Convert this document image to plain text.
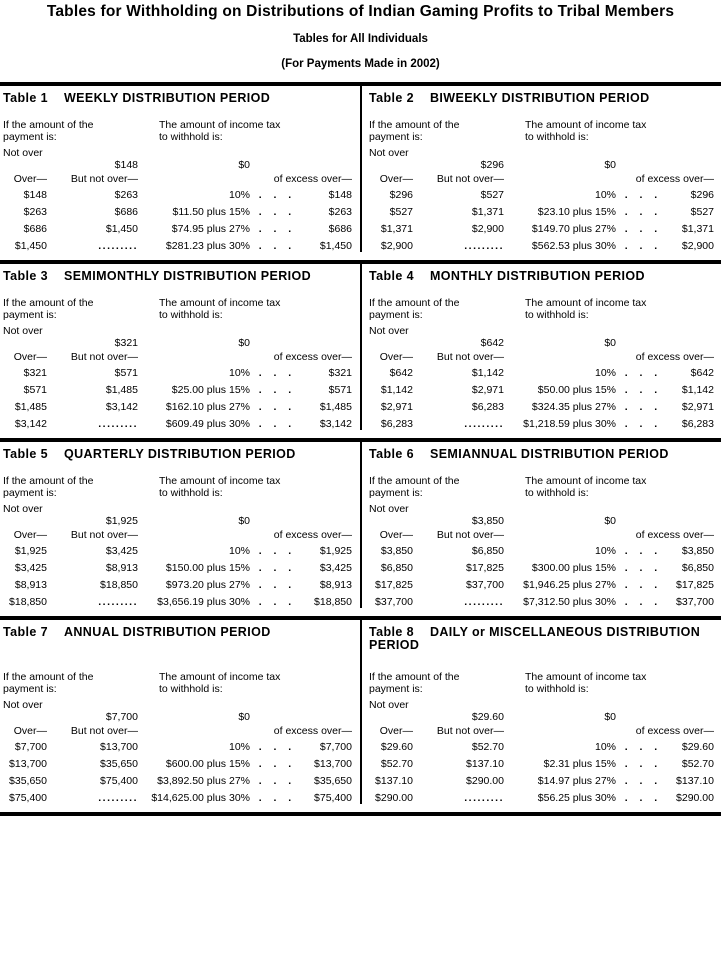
Tables for Withholding on Distributions of Indian Gaming Profits to Tribal Members
Tables for All Individuals
(For Payments Made in 2002)
Table 1 WEEKLY DISTRIBUTION PERIOD
If the amount of the
payment is:
The amount of income tax
to withhold is:
Not over
$148	$0
Over— But not over—	of excess over—
$148	$263	10% .  .  .	$148
$263	$686	$11.50 plus 15% .  .  .	$263
$686	$1,450	$74.95 plus 27% .  .  .	$686
$1,450	.........	$281.23 plus 30% .  .  .	$1,450
Table 2 BIWEEKLY DISTRIBUTION PERIOD
If the amount of the
payment is:
The amount of income tax
to withhold is:
Not over
$296	$0
Over— But not over—	of excess over—
$296	$527	10% .  .  .	$296
$527	$1,371	$23.10 plus 15% .  .  .	$527
$1,371	$2,900	$149.70 plus 27% .  .  . $1,371
$2,900	.........	$562.53 plus 30% .  .  . $2,900
Table 3 SEMIMONTHLY DISTRIBUTION PERIOD
If the amount of the
payment is:
The amount of income tax
to withhold is:
Not over
$321	$0
Over— But not over—	of excess over—
$321	$571	10% .  .  .	$321
$571	$1,485	$25.00 plus 15% .  .  .	$571
$1,485	$3,142	$162.10 plus 27% .  .  .	$1,485
$3,142	.........	$609.49 plus 30% .  .  .	$3,142
Table 4 MONTHLY DISTRIBUTION PERIOD
If the amount of the
payment is:
The amount of income tax
to withhold is:
Not over
$642	$0
Over— But not over—	of excess over—
$642	$1,142	10% .  .  .	$642
$1,142	$2,971	$50.00 plus 15% .  .  . $1,142
$2,971	$6,283	$324.35 plus 27% .  .  . $2,971
$6,283	......... $1,218.59 plus 30% .  .  . $6,283
Table 5 QUARTERLY DISTRIBUTION PERIOD
If the amount of the
payment is:
The amount of income tax
to withhold is:
Not over
$1,925	$0
Over— But not over—	of excess over—
$1,925	$3,425	10% .  .  .	$1,925
$3,425	$8,913	$150.00 plus 15% .  .  .	$3,425
$8,913	$18,850	$973.20 plus 27% .  .  .	$8,913
$18,850	......... $3,656.19 plus 30% .  .  . $18,850
Table 6 SEMIANNUAL DISTRIBUTION PERIOD
If the amount of the
payment is:
The amount of income tax
to withhold is:
Not over
$3,850	$0
Over— But not over—	of excess over—
$3,850	$6,850	10% .  .  . $3,850
$6,850	$17,825	$300.00 plus 15% .  .  . $6,850
$17,825	$37,700 $1,946.25 plus 27% .  .  . $17,825
$37,700	......... $7,312.50 plus 30% .  .  . $37,700
Table 7 ANNUAL DISTRIBUTION PERIOD
If the amount of the
payment is:
The amount of income tax
to withhold is:
Not over
$7,700	$0
Over— But not over—	of excess over—
$7,700	$13,700	10% .  .  .	$7,700
$13,700	$35,650	$600.00 plus 15% .  .  . $13,700
$35,650	$75,400 $3,892.50 plus 27% .  .  . $35,650
$75,400	......... $14,625.00 plus 30% .  .  . $75,400
Table 8 DAILY or MISCELLANEOUS DISTRIBUTION PERIOD
If the amount of the
payment is:
The amount of income tax
to withhold is:
Not over
$29.60	$0
Over— But not over—	of excess over—
$29.60	$52.70	10% .  .  . $29.60
$52.70	$137.10	$2.31 plus 15% .  .  . $52.70
$137.10	$290.00	$14.97 plus 27% .  .  . $137.10
$290.00	.........	$56.25 plus 30% .  .  . $290.00
